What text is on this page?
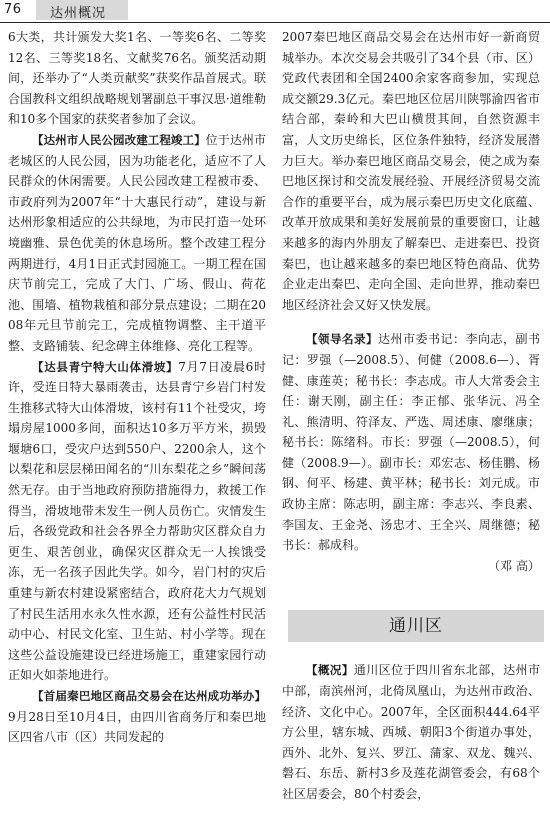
76 达州概况

6大类，共计颁发大奖1名、一等奖6名、二等奖12名、三等奖18名、文献奖76名。颁奖活动期间，还举办了“人类贡献奖”获奖作品首展式。联合国教科文组织战略规划署副总干事汉思·道维勒和10多个国家的获奖者参加了会议。

【达州市人民公园改建工程竣工】位于达州市老城区的人民公园，因为功能老化，适应不了人民群众的休闲需要。人民公园改建工程被市委、市政府列为2007年“十大惠民行动”，建设与新达州形象相适应的公共绿地，为市民打造一处环境幽雅、景色优美的休息场所。整个改建工程分两期进行，4月1日正式封园施工。一期工程在国庆节前完工，完成了大门、广场、假山、荷花池、围墙、植物栽植和部分景点建设；二期在2008年元旦节前完工，完成植物调整、主干道平整、支路铺装、纪念碑主体维修、亮化工程等。

【达县青宁特大山体滑坡】7月7日凌晨6时许，受连日特大暴雨袭击，达县青宁乡岩门村发生推移式特大山体滑坡，该村有11个社受灾，垮塌房屋1000多间，面积达10多万平方米，损毁堰塘6口，受灾户达到550户、2200余人，这个以梨花和层层梯田闻名的“川东梨花之乡”瞬间荡然无存。由于当地政府预防措施得力，救援工作得当，滑坡地带未发生一例人员伤亡。灾情发生后，各级党政和社会各界全力帮助灾区群众自力更生、艰苦创业，确保灾区群众无一人挨饿受冻，无一名孩子因此失学。如今，岩门村的灾后重建与新农村建设紧密结合，政府花大力气规划了村民生活用水永久性水源，还有公益性村民活动中心、村民文化室、卫生站、村小学等。现在这些公益设施建设已经进场施工，重建家园行动正如火如荼地进行。

【首届秦巴地区商品交易会在达州成功举办】9月28日至10月4日，由四川省商务厅和秦巴地区四省八市（区）共同发起的

2007秦巴地区商品交易会在达州市好一新商贸城举办。本次交易会共吸引了34个县（市、区）党政代表团和全国2400余家客商参加，实现总成交额29.3亿元。秦巴地区位居川陕鄂渝四省市结合部，秦岭和大巴山横贯其间，自然资源丰富，人文历史绵长，区位条件独特，经济发展潜力巨大。举办秦巴地区商品交易会，使之成为秦巴地区探讨和交流发展经验、开展经济贸易交流合作的重要平台，成为展示秦巴历史文化底蕴、改革开放成果和美好发展前景的重要窗口，让越来越多的海内外朋友了解秦巴、走进秦巴、投资秦巴，也让越来越多的秦巴地区特色商品、优势企业走出秦巴、走向全国、走向世界，推动秦巴地区经济社会又好又快发展。

【领导名录】达州市委书记：李向志，副书记：罗强（—2008.5）、何健（2008.6—）、胥健、康莲英；秘书长：李志成。市人大常委会主任：谢天刚，副主任：李正郁、张华沅、冯全礼、熊清明、符泽友、严选、周述康、廖继康；秘书长：陈绪科。市长：罗强（—2008.5），何健（2008.9—）。副市长：邓宏志、杨佳鹏、杨钢、何平、杨建、黄平林；秘书长：刘元成。市政协主席：陈志明，副主席：李志兴、李良素、李国友、王金尧、汤忠才、王全兴、周继德；秘书长：郝成科。

（邓 高）

通川区

【概况】通川区位于四川省东北部，达州市中部，南滨州河，北倚凤凰山，为达州市政治、经济、文化中心。2007年，全区面积444.64平方公里，辖东城、西城、朝阳3个街道办事处，西外、北外、复兴、罗江、蒲家、双龙、魏兴、磐石、东岳、新村3乡及莲花湖管委会，有68个社区居委会，80个村委会，
